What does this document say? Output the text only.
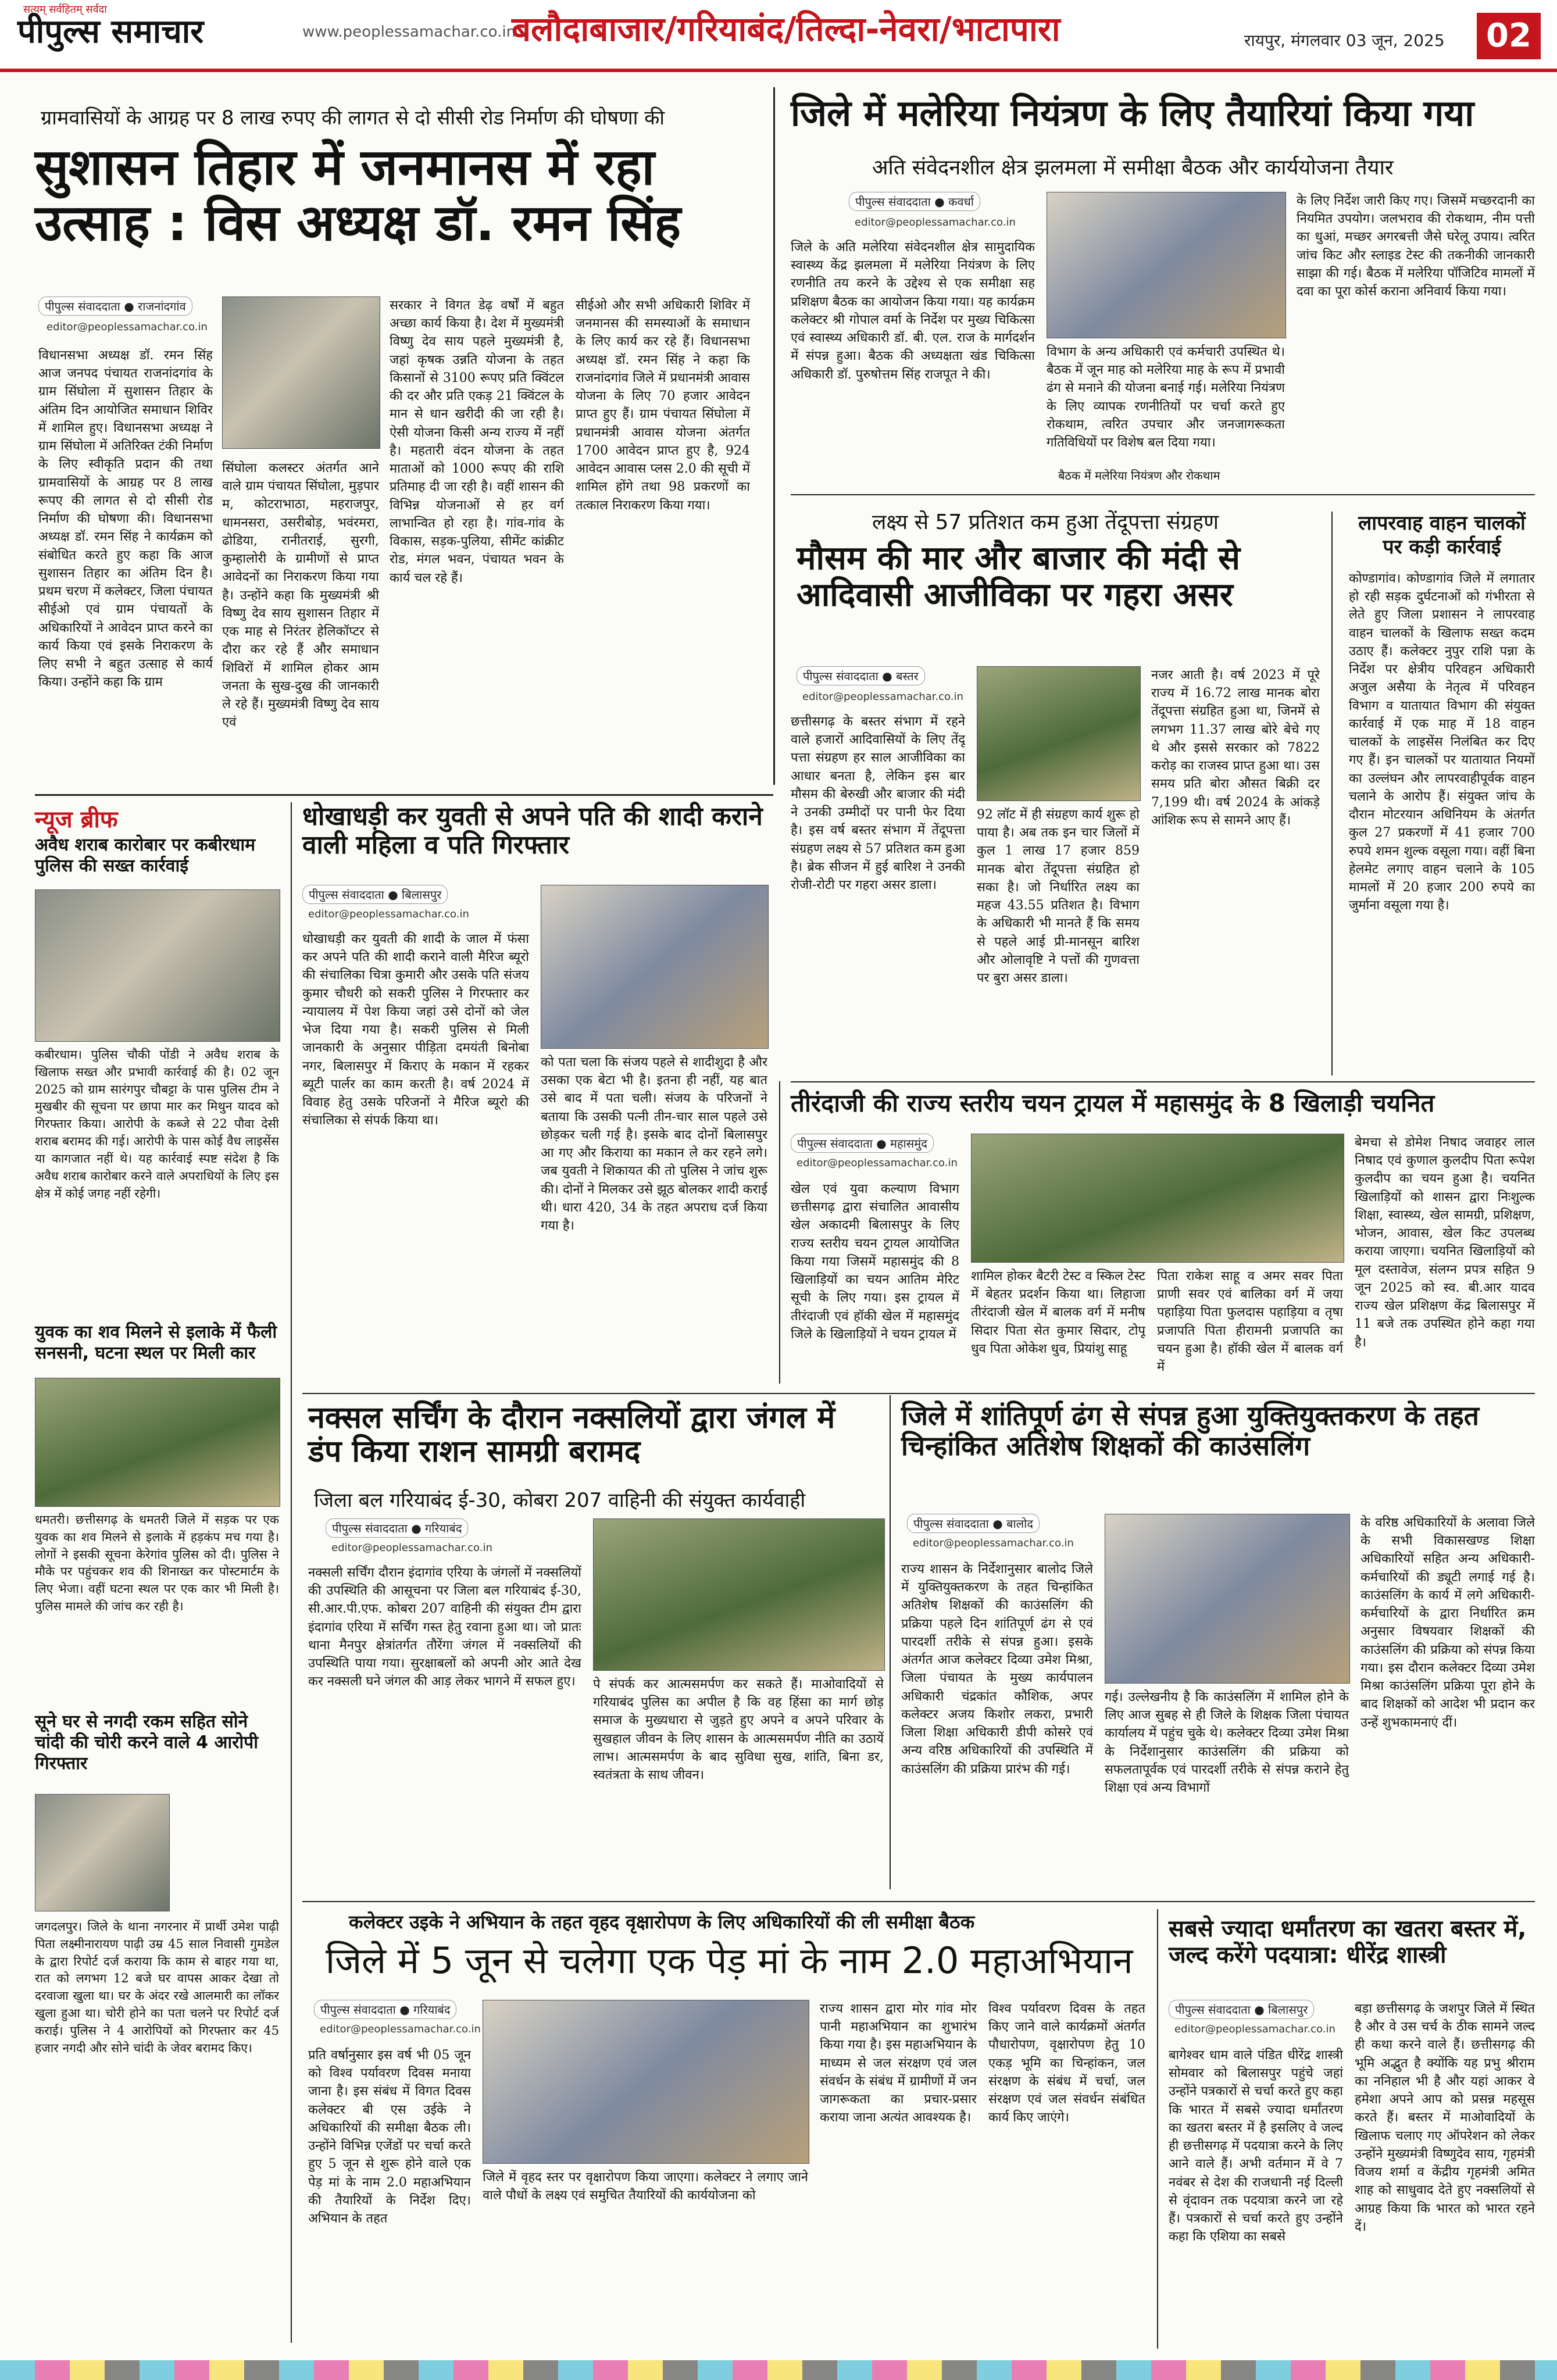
सत्यम् सर्वहितम् सर्वदा
पीपुल्स समाचार	www.peoplessamachar.co.in
बलौदाबाजार/गरियाबंद/तिल्दा-नेवरा/भाटापारा	रायपुर, मंगलवार 03 जून, 2025 02
ग्रामवासियों के आग्रह पर 8 लाख रुपए की लागत से दो सीसी रोड निर्माण की घोषणा की
सुशासन तिहार में जनमानस में रहा उत्साह : विस अध्यक्ष डॉ. रमन सिंह
पीपुल्स संवाददाता ● राजनांदगांव
editor@peoplessamachar.co.in
विधानसभा अध्यक्ष डॉ. रमन सिंह आज जनपद पंचायत राजनांदगांव के ग्राम सिंघोला में सुशासन तिहार के अंतिम दिन आयोजित समाधान शिविर में शामिल हुए। विधानसभा अध्यक्ष ने ग्राम सिंघोला में अतिरिक्त टंकी निर्माण के लिए स्वीकृति प्रदान की तथा ग्रामवासियों के आग्रह पर 8 लाख रूपए की लागत से दो सीसी रोड निर्माण की घोषणा की। विधानसभा अध्यक्ष डॉ. रमन सिंह ने कार्यक्रम को संबोधित करते हुए कहा कि आज सुशासन तिहार का अंतिम दिन है। प्रथम चरण में कलेक्टर, जिला पंचायत सीईओ एवं ग्राम पंचायतों के अधिकारियों ने आवेदन प्राप्त करने का कार्य किया एवं इसके निराकरण के लिए सभी ने बहुत उत्साह से कार्य किया। उन्होंने कहा कि ग्राम
सिंघोला कलस्टर अंतर्गत आने वाले ग्राम पंचायत सिंघोला, मुड़पार म, कोटराभाठा, महराजपुर, धामनसरा, उसरीबोड़, भवंरमरा, ढोडिया, रानीतराई, सुरगी, कुम्हालोरी के ग्रामीणों से प्राप्त आवेदनों का निराकरण किया गया है। उन्होंने कहा कि मुख्यमंत्री श्री विष्णु देव साय सुशासन तिहार में एक माह से निरंतर हेलिकॉप्टर से दौरा कर रहे हैं और समाधान शिविरों में शामिल होकर आम जनता के सुख-दुख की जानकारी ले रहे हैं। मुख्यमंत्री विष्णु देव साय एवं
सरकार ने विगत डेढ़ वर्षों में बहुत अच्छा कार्य किया है। देश में मुख्यमंत्री विष्णु देव साय पहले मुख्यमंत्री है, जहां कृषक उन्नति योजना के तहत किसानों से 3100 रूपए प्रति क्विंटल की दर और प्रति एकड़ 21 क्विंटल के मान से धान खरीदी की जा रही है। ऐसी योजना किसी अन्य राज्य में नहीं है। महतारी वंदन योजना के तहत माताओं को 1000 रूपए की राशि प्रतिमाह दी जा रही है। वहीं शासन की विभिन्न योजनाओं से हर वर्ग लाभान्वित हो रहा है। गांव-गांव के विकास, सड़क-पुलिया, सीमेंट कांक्रीट रोड, मंगल भवन, पंचायत भवन के कार्य चल रहे हैं।
सीईओ और सभी अधिकारी शिविर में जनमानस की समस्याओं के समाधान के लिए कार्य कर रहे हैं। विधानसभा अध्यक्ष डॉ. रमन सिंह ने कहा कि राजनांदगांव जिले में प्रधानमंत्री आवास योजना के लिए 70 हजार आवेदन प्राप्त हुए हैं। ग्राम पंचायत सिंघोला में प्रधानमंत्री आवास योजना अंतर्गत 1700 आवेदन प्राप्त हुए है, 924 आवेदन आवास प्लस 2.0 की सूची में शामिल होंगे तथा 98 प्रकरणों का तत्काल निराकरण किया गया।
जिले में मलेरिया नियंत्रण के लिए तैयारियां किया गया
अति संवेदनशील क्षेत्र झलमला में समीक्षा बैठक और कार्ययोजना तैयार
पीपुल्स संवाददाता ● कवर्धा
editor@peoplessamachar.co.in
जिले के अति मलेरिया संवेदनशील क्षेत्र सामुदायिक स्वास्थ्य केंद्र झलमला में मलेरिया नियंत्रण के लिए रणनीति तय करने के उद्देश्य से एक समीक्षा सह प्रशिक्षण बैठक का आयोजन किया गया। यह कार्यक्रम कलेक्टर श्री गोपाल वर्मा के निर्देश पर मुख्य चिकित्सा एवं स्वास्थ्य अधिकारी डॉ. बी. एल. राज के मार्गदर्शन में संपन्न हुआ। बैठक की अध्यक्षता खंड चिकित्सा अधिकारी डॉ. पुरुषोत्तम सिंह राजपूत ने की।
विभाग के अन्य अधिकारी एवं कर्मचारी उपस्थित थे। बैठक में जून माह को मलेरिया माह के रूप में प्रभावी ढंग से मनाने की योजना बनाई गई। मलेरिया नियंत्रण के लिए व्यापक रणनीतियों पर चर्चा करते हुए रोकथाम, त्वरित उपचार और जनजागरूकता गतिविधियों पर विशेष बल दिया गया।
बैठक में मलेरिया नियंत्रण और रोकथाम
के लिए निर्देश जारी किए गए। जिसमें मच्छरदानी का नियमित उपयोग। जलभराव की रोकथाम, नीम पत्ती का धुआं, मच्छर अगरबत्ती जैसे घरेलू उपाय। त्वरित जांच किट और स्लाइड टेस्ट की तकनीकी जानकारी साझा की गई। बैठक में मलेरिया पॉजिटिव मामलों में दवा का पूरा कोर्स कराना अनिवार्य किया गया।
लक्ष्य से 57 प्रतिशत कम हुआ तेंदूपत्ता संग्रहण
मौसम की मार और बाजार की मंदी से आदिवासी आजीविका पर गहरा असर
पीपुल्स संवाददाता ● बस्तर
editor@peoplessamachar.co.in
छत्तीसगढ़ के बस्तर संभाग में रहने वाले हजारों आदिवासियों के लिए तेंदू पत्ता संग्रहण हर साल आजीविका का आधार बनता है, लेकिन इस बार मौसम की बेरुखी और बाजार की मंदी ने उनकी उम्मीदों पर पानी फेर दिया है। इस वर्ष बस्तर संभाग में तेंदूपत्ता संग्रहण लक्ष्य से 57 प्रतिशत कम हुआ है। ब्रेक सीजन में हुई बारिश ने उनकी रोजी-रोटी पर गहरा असर डाला।
92 लॉट में ही संग्रहण कार्य शुरू हो पाया है। अब तक इन चार जिलों में कुल 1 लाख 17 हजार 859 मानक बोरा तेंदूपत्ता संग्रहित हो सका है। जो निर्धारित लक्ष्य का महज 43.55 प्रतिशत है। विभाग के अधिकारी भी मानते हैं कि समय से पहले आई प्री-मानसून बारिश और ओलावृष्टि ने पत्तों की गुणवत्ता पर बुरा असर डाला।
नजर आती है। वर्ष 2023 में पूरे राज्य में 16.72 लाख मानक बोरा तेंदूपत्ता संग्रहित हुआ था, जिनमें से लगभग 11.37 लाख बोरे बेचे गए थे और इससे सरकार को 7822 करोड़ का राजस्व प्राप्त हुआ था। उस समय प्रति बोरा औसत बिक्री दर 7,199 थी। वर्ष 2024 के आंकड़े आंशिक रूप से सामने आए हैं।
लापरवाह वाहन चालकों पर कड़ी कार्रवाई
कोण्डागांव। कोण्डागांव जिले में लगातार हो रही सड़क दुर्घटनाओं को गंभीरता से लेते हुए जिला प्रशासन ने लापरवाह वाहन चालकों के खिलाफ सख्त कदम उठाए हैं। कलेक्टर नुपुर राशि पन्ना के निर्देश पर क्षेत्रीय परिवहन अधिकारी अजुल असैया के नेतृत्व में परिवहन विभाग व यातायात विभाग की संयुक्त कार्रवाई में एक माह में 18 वाहन चालकों के लाइसेंस निलंबित कर दिए गए हैं। इन चालकों पर यातायात नियमों का उल्लंघन और लापरवाहीपूर्वक वाहन चलाने के आरोप हैं। संयुक्त जांच के दौरान मोटरयान अधिनियम के अंतर्गत कुल 27 प्रकरणों में 41 हजार 700 रुपये शमन शुल्क वसूला गया। वहीं बिना हेलमेट लगाए वाहन चलाने के 105 मामलों में 20 हजार 200 रुपये का जुर्माना वसूला गया है।
न्यूज ब्रीफ
अवैध शराब कारोबार पर कबीरधाम पुलिस की सख्त कार्रवाई
कबीरधाम। पुलिस चौकी पोंडी ने अवैध शराब के खिलाफ सख्त और प्रभावी कार्रवाई की है। 02 जून 2025 को ग्राम सारंगपुर चौबट्टा के पास पुलिस टीम ने मुखबीर की सूचना पर छापा मार कर मिथुन यादव को गिरफ्तार किया। आरोपी के कब्जे से 22 पौवा देसी शराब बरामद की गई। आरोपी के पास कोई वैध लाइसेंस या कागजात नहीं थे। यह कार्रवाई स्पष्ट संदेश है कि अवैध शराब कारोबार करने वाले अपराधियों के लिए इस क्षेत्र में कोई जगह नहीं रहेगी।
युवक का शव मिलने से इलाके में फैली सनसनी, घटना स्थल पर मिली कार
धमतरी। छत्तीसगढ़ के धमतरी जिले में सड़क पर एक युवक का शव मिलने से इलाके में हड़कंप मच गया है। लोगों ने इसकी सूचना केरेगांव पुलिस को दी। पुलिस ने मौके पर पहुंचकर शव की शिनाख्त कर पोस्टमार्टम के लिए भेजा। वहीं घटना स्थल पर एक कार भी मिली है। पुलिस मामले की जांच कर रही है।
सूने घर से नगदी रकम सहित सोने चांदी की चोरी करने वाले 4 आरोपी गिरफ्तार
जगदलपुर। जिले के थाना नगरनार में प्रार्थी उमेश पाढ़ी पिता लक्ष्मीनारायण पाढ़ी उम्र 45 साल निवासी गुमडेल के द्वारा रिपोर्ट दर्ज कराया कि काम से बाहर गया था, रात को लगभग 12 बजे घर वापस आकर देखा तो दरवाजा खुला था। घर के अंदर रखे आलमारी का लॉकर खुला हुआ था। चोरी होने का पता चलने पर रिपोर्ट दर्ज कराई। पुलिस ने 4 आरोपियों को गिरफ्तार कर 45 हजार नगदी और सोने चांदी के जेवर बरामद किए।
धोखाधड़ी कर युवती से अपने पति की शादी कराने वाली महिला व पति गिरफ्तार
पीपुल्स संवाददाता ● बिलासपुर
editor@peoplessamachar.co.in
धोखाधड़ी कर युवती की शादी के जाल में फंसा कर अपने पति की शादी कराने वाली मैरिज ब्यूरो की संचालिका चित्रा कुमारी और उसके पति संजय कुमार चौधरी को सकरी पुलिस ने गिरफ्तार कर न्यायालय में पेश किया जहां उसे दोनों को जेल भेज दिया गया है। सकरी पुलिस से मिली जानकारी के अनुसार पीड़िता दमयंती बिनोबा नगर, बिलासपुर में किराए के मकान में रहकर ब्यूटी पार्लर का काम करती है। वर्ष 2024 में विवाह हेतु उसके परिजनों ने मैरिज ब्यूरो की संचालिका से संपर्क किया था।
को पता चला कि संजय पहले से शादीशुदा है और उसका एक बेटा भी है। इतना ही नहीं, यह बात उसे बाद में पता चली। संजय के परिजनों ने बताया कि उसकी पत्नी तीन-चार साल पहले उसे छोड़कर चली गई है। इसके बाद दोनों बिलासपुर आ गए और किराया का मकान ले कर रहने लगे। जब युवती ने शिकायत की तो पुलिस ने जांच शुरू की। दोनों ने मिलकर उसे झूठ बोलकर शादी कराई थी। धारा 420, 34 के तहत अपराध दर्ज किया गया है।
तीरंदाजी की राज्य स्तरीय चयन ट्रायल में महासमुंद के 8 खिलाड़ी चयनित
पीपुल्स संवाददाता ● महासमुंद
editor@peoplessamachar.co.in
खेल एवं युवा कल्याण विभाग छत्तीसगढ़ द्वारा संचालित आवासीय खेल अकादमी बिलासपुर के लिए राज्य स्तरीय चयन ट्रायल आयोजित किया गया जिसमें महासमुंद की 8 खिलाड़ियों का चयन आतिम मेरिट सूची के लिए गया। इस ट्रायल में तीरंदाजी एवं हॉकी खेल में महासमुंद जिले के खिलाड़ियों ने चयन ट्रायल में
शामिल होकर बैटरी टेस्ट व स्किल टेस्ट में बेहतर प्रदर्शन किया था। लिहाजा तीरंदाजी खेल में बालक वर्ग में मनीष सिदार पिता सेत कुमार सिदार, टोपू धुव पिता ओकेश धुव, प्रियांशु साहू
पिता राकेश साहू व अमर सवर पिता प्राणी सवर एवं बालिका वर्ग में जया पहाड़िया पिता फुलदास पहाड़िया व तृषा प्रजापति पिता हीरामनी प्रजापति का चयन हुआ है। हॉकी खेल में बालक वर्ग में
बेमचा से डोमेश निषाद जवाहर लाल निषाद एवं कुणाल कुलदीप पिता रूपेश कुलदीप का चयन हुआ है। चयनित खिलाड़ियों को शासन द्वारा निःशुल्क शिक्षा, स्वास्थ्य, खेल सामग्री, प्रशिक्षण, भोजन, आवास, खेल किट उपलब्ध कराया जाएगा। चयनित खिलाड़ियों को मूल दस्तावेज, संलग्न प्रपत्र सहित 9 जून 2025 को स्व. बी.आर यादव राज्य खेल प्रशिक्षण केंद्र बिलासपुर में 11 बजे तक उपस्थित होने कहा गया है।
नक्सल सर्चिंग के दौरान नक्सलियों द्वारा जंगल में डंप किया राशन सामग्री बरामद
जिला बल गरियाबंद ई-30, कोबरा 207 वाहिनी की संयुक्त कार्यवाही
पीपुल्स संवाददाता ● गरियाबंद
editor@peoplessamachar.co.in
नक्सली सर्चिंग दौरान इंदागांव एरिया के जंगलों में नक्सलियों की उपस्थिति की आसूचना पर जिला बल गरियाबंद ई-30, सी.आर.पी.एफ. कोबरा 207 वाहिनी की संयुक्त टीम द्वारा इंदागांव एरिया में सर्चिंग गस्त हेतु रवाना हुआ था। जो प्रातः थाना मैनपुर क्षेत्रांतर्गत तौरेंगा जंगल में नक्सलियों की उपस्थिति पाया गया। सुरक्षाबलों को अपनी ओर आते देख कर नक्सली घने जंगल की आड़ लेकर भागने में सफल हुए।	पे संपर्क कर आत्मसमर्पण कर सकते हैं। माओवादियों से गरियाबंद पुलिस का अपील है कि वह हिंसा का मार्ग छोड़ समाज के मुख्यधारा से जुड़ते हुए अपने व अपने परिवार के सुखहाल जीवन के लिए शासन के आत्मसमर्पण नीति का उठायें लाभ। आत्मसमर्पण के बाद सुविधा सुख, शांति, बिना डर, स्वतंत्रता के साथ जीवन।
जिले में शांतिपूर्ण ढंग से संपन्न हुआ युक्तियुक्तकरण के तहत चिन्हांकित अतिशेष शिक्षकों की काउंसलिंग
पीपुल्स संवाददाता ● बालोद
editor@peoplessamachar.co.in
राज्य शासन के निर्देशानुसार बालोद जिले में युक्तियुक्तकरण के तहत चिन्हांकित अतिशेष शिक्षकों की काउंसलिंग की प्रक्रिया पहले दिन शांतिपूर्ण ढंग से एवं पारदर्शी तरीके से संपन्न हुआ। इसके अंतर्गत आज कलेक्टर दिव्या उमेश मिश्रा, जिला पंचायत के मुख्य कार्यपालन अधिकारी चंद्रकांत कौशिक, अपर कलेक्टर अजय किशोर लकरा, प्रभारी जिला शिक्षा अधिकारी डीपी कोसरे एवं अन्य वरिष्ठ अधिकारियों की उपस्थिति में काउंसलिंग की प्रक्रिया प्रारंभ की गई।
गई। उल्लेखनीय है कि काउंसलिंग में शामिल होने के लिए आज सुबह से ही जिले के शिक्षक जिला पंचायत कार्यालय में पहुंच चुके थे। कलेक्टर दिव्या उमेश मिश्रा के निर्देशानुसार काउंसलिंग की प्रक्रिया को सफलतापूर्वक एवं पारदर्शी तरीके से संपन्न कराने हेतु शिक्षा एवं अन्य विभागों
के वरिष्ठ अधिकारियों के अलावा जिले के सभी विकासखण्ड शिक्षा अधिकारियों सहित अन्य अधिकारी-कर्मचारियों की ड्यूटी लगाई गई है। काउंसलिंग के कार्य में लगे अधिकारी-कर्मचारियों के द्वारा निर्धारित क्रम अनुसार विषयवार शिक्षकों की काउंसलिंग की प्रक्रिया को संपन्न किया गया। इस दौरान कलेक्टर दिव्या उमेश मिश्रा काउंसलिंग प्रक्रिया पूरा होने के बाद शिक्षकों को आदेश भी प्रदान कर उन्हें शुभकामनाएं दीं।
कलेक्टर उइके ने अभियान के तहत वृहद वृक्षारोपण के लिए अधिकारियों की ली समीक्षा बैठक
जिले में 5 जून से चलेगा एक पेड़ मां के नाम 2.0 महाअभियान
पीपुल्स संवाददाता ● गरियाबंद
editor@peoplessamachar.co.in
प्रति वर्षानुसार इस वर्ष भी 05 जून को विश्व पर्यावरण दिवस मनाया जाना है। इस संबंध में विगत दिवस कलेक्टर बी एस उईके ने अधिकारियों की समीक्षा बैठक ली। उन्होंने विभिन्न एजेंडों पर चर्चा करते हुए 5 जून से शुरू होने वाले एक पेड़ मां के नाम 2.0 महाअभियान की तैयारियों के निर्देश दिए। अभियान के तहत
जिले में वृहद स्तर पर वृक्षारोपण किया जाएगा। कलेक्टर ने लगाए जाने वाले पौधों के लक्ष्य एवं समुचित तैयारियों की कार्ययोजना को
राज्य शासन द्वारा मोर गांव मोर पानी महाअभियान का शुभारंभ किया गया है। इस महाअभियान के माध्यम से जल संरक्षण एवं जल संवर्धन के संबंध में ग्रामीणों में जन जागरूकता का प्रचार-प्रसार कराया जाना अत्यंत आवश्यक है।
विश्व पर्यावरण दिवस के तहत किए जाने वाले कार्यक्रमों अंतर्गत पौधारोपण, वृक्षारोपण हेतु 10 एकड़ भूमि का चिन्हांकन, जल संरक्षण के संबंध में चर्चा, जल संरक्षण एवं जल संवर्धन संबंधित कार्य किए जाएंगे।
सबसे ज्यादा धर्मांतरण का खतरा बस्तर में, जल्द करेंगे पदयात्रा: धीरेंद्र शास्त्री
पीपुल्स संवाददाता ● बिलासपुर
editor@peoplessamachar.co.in
बागेश्वर धाम वाले पंडित धीरेंद्र शास्त्री सोमवार को बिलासपुर पहुंचे जहां उन्होंने पत्रकारों से चर्चा करते हुए कहा कि भारत में सबसे ज्यादा धर्मांतरण का खतरा बस्तर में है इसलिए वे जल्द ही छत्तीसगढ़ में पदयात्रा करने के लिए आने वाले हैं। अभी वर्तमान में वे 7 नवंबर से देश की राजधानी नई दिल्ली से वृंदावन तक पदयात्रा करने जा रहे हैं। पत्रकारों से चर्चा करते हुए उन्होंने कहा कि एशिया का सबसे
बड़ा छत्तीसगढ़ के जशपुर जिले में स्थित है और वे उस चर्च के ठीक सामने जल्द ही कथा करने वाले हैं। छत्तीसगढ़ की भूमि अद्भुत है क्योंकि यह प्रभु श्रीराम का ननिहाल भी है और यहां आकर वे हमेशा अपने आप को प्रसन्न महसूस करते हैं। बस्तर में माओवादियों के खिलाफ चलाए गए ऑपरेशन को लेकर उन्होंने मुख्यमंत्री विष्णुदेव साय, गृहमंत्री विजय शर्मा व केंद्रीय गृहमंत्री अमित शाह को साधुवाद देते हुए नक्सलियों से आग्रह किया कि भारत को भारत रहने दें।
